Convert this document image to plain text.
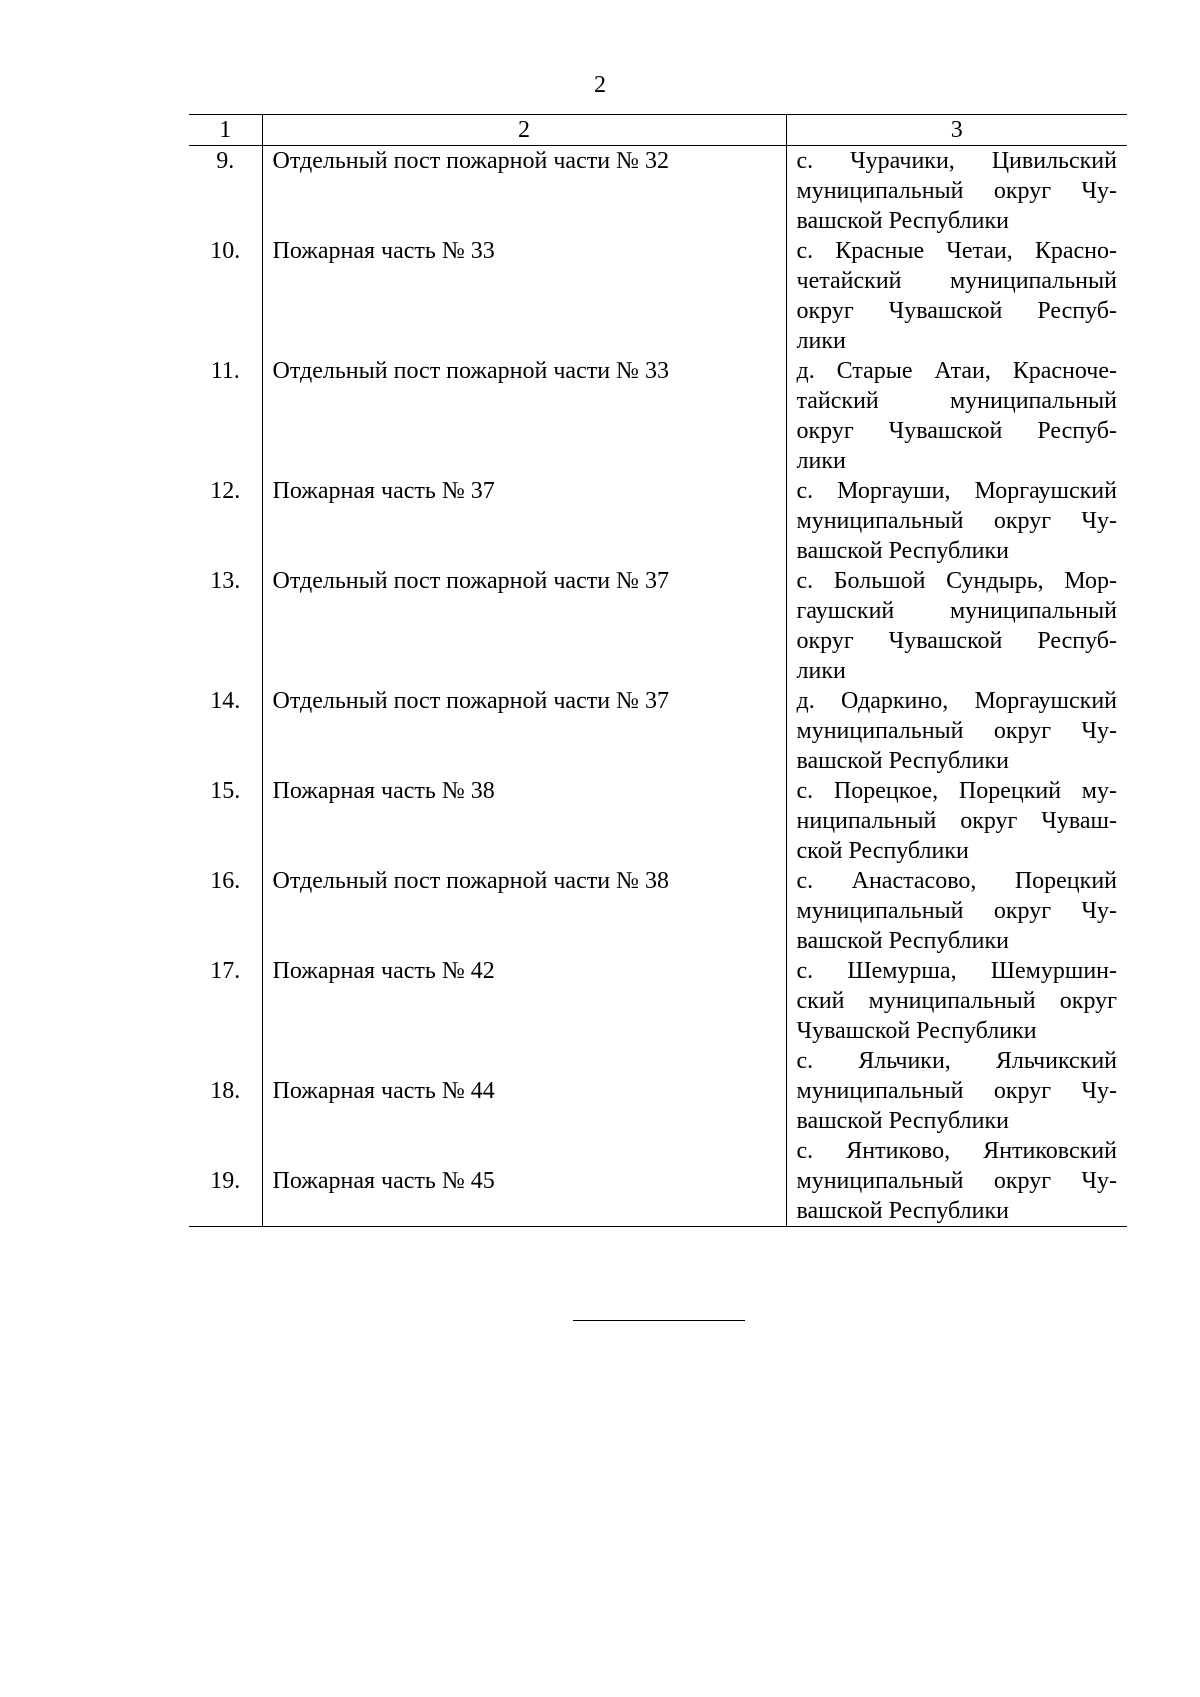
2
1	2	3
9.	Отдельный пост пожарной части № 32	с. Чурачики, Цивильский
муниципальный округ Чу-
вашской Республики

10.	Пожарная часть № 33	с. Красные Четаи, Красно-
четайский муниципальный
округ Чувашской Респуб-
лики

11.	Отдельный пост пожарной части № 33	д. Старые Атаи, Красноче-
тайский муниципальный
округ Чувашской Респуб-
лики

12.	Пожарная часть № 37	с. Моргауши, Моргаушский
муниципальный округ Чу-
вашской Республики

13.	Отдельный пост пожарной части № 37	с. Большой Сундырь, Мор-
гаушский муниципальный
округ Чувашской Респуб-
лики

14.	Отдельный пост пожарной части № 37	д. Одаркино, Моргаушский
муниципальный округ Чу-
вашской Республики

15.	Пожарная часть № 38	с. Порецкое, Порецкий му-
ниципальный округ Чуваш-
ской Республики

16.	Отдельный пост пожарной части № 38	с. Анастасово, Порецкий
муниципальный округ Чу-
вашской Республики

17.	Пожарная часть № 42	с. Шемурша, Шемуршин-
ский муниципальный округ
Чувашской Республики

18.	Пожарная часть № 44	с. Яльчики, Яльчикский
муниципальный округ Чу-
вашской Республики

19.	Пожарная часть № 45	с. Янтиково, Янтиковский
муниципальный округ Чу-
вашской Республики
